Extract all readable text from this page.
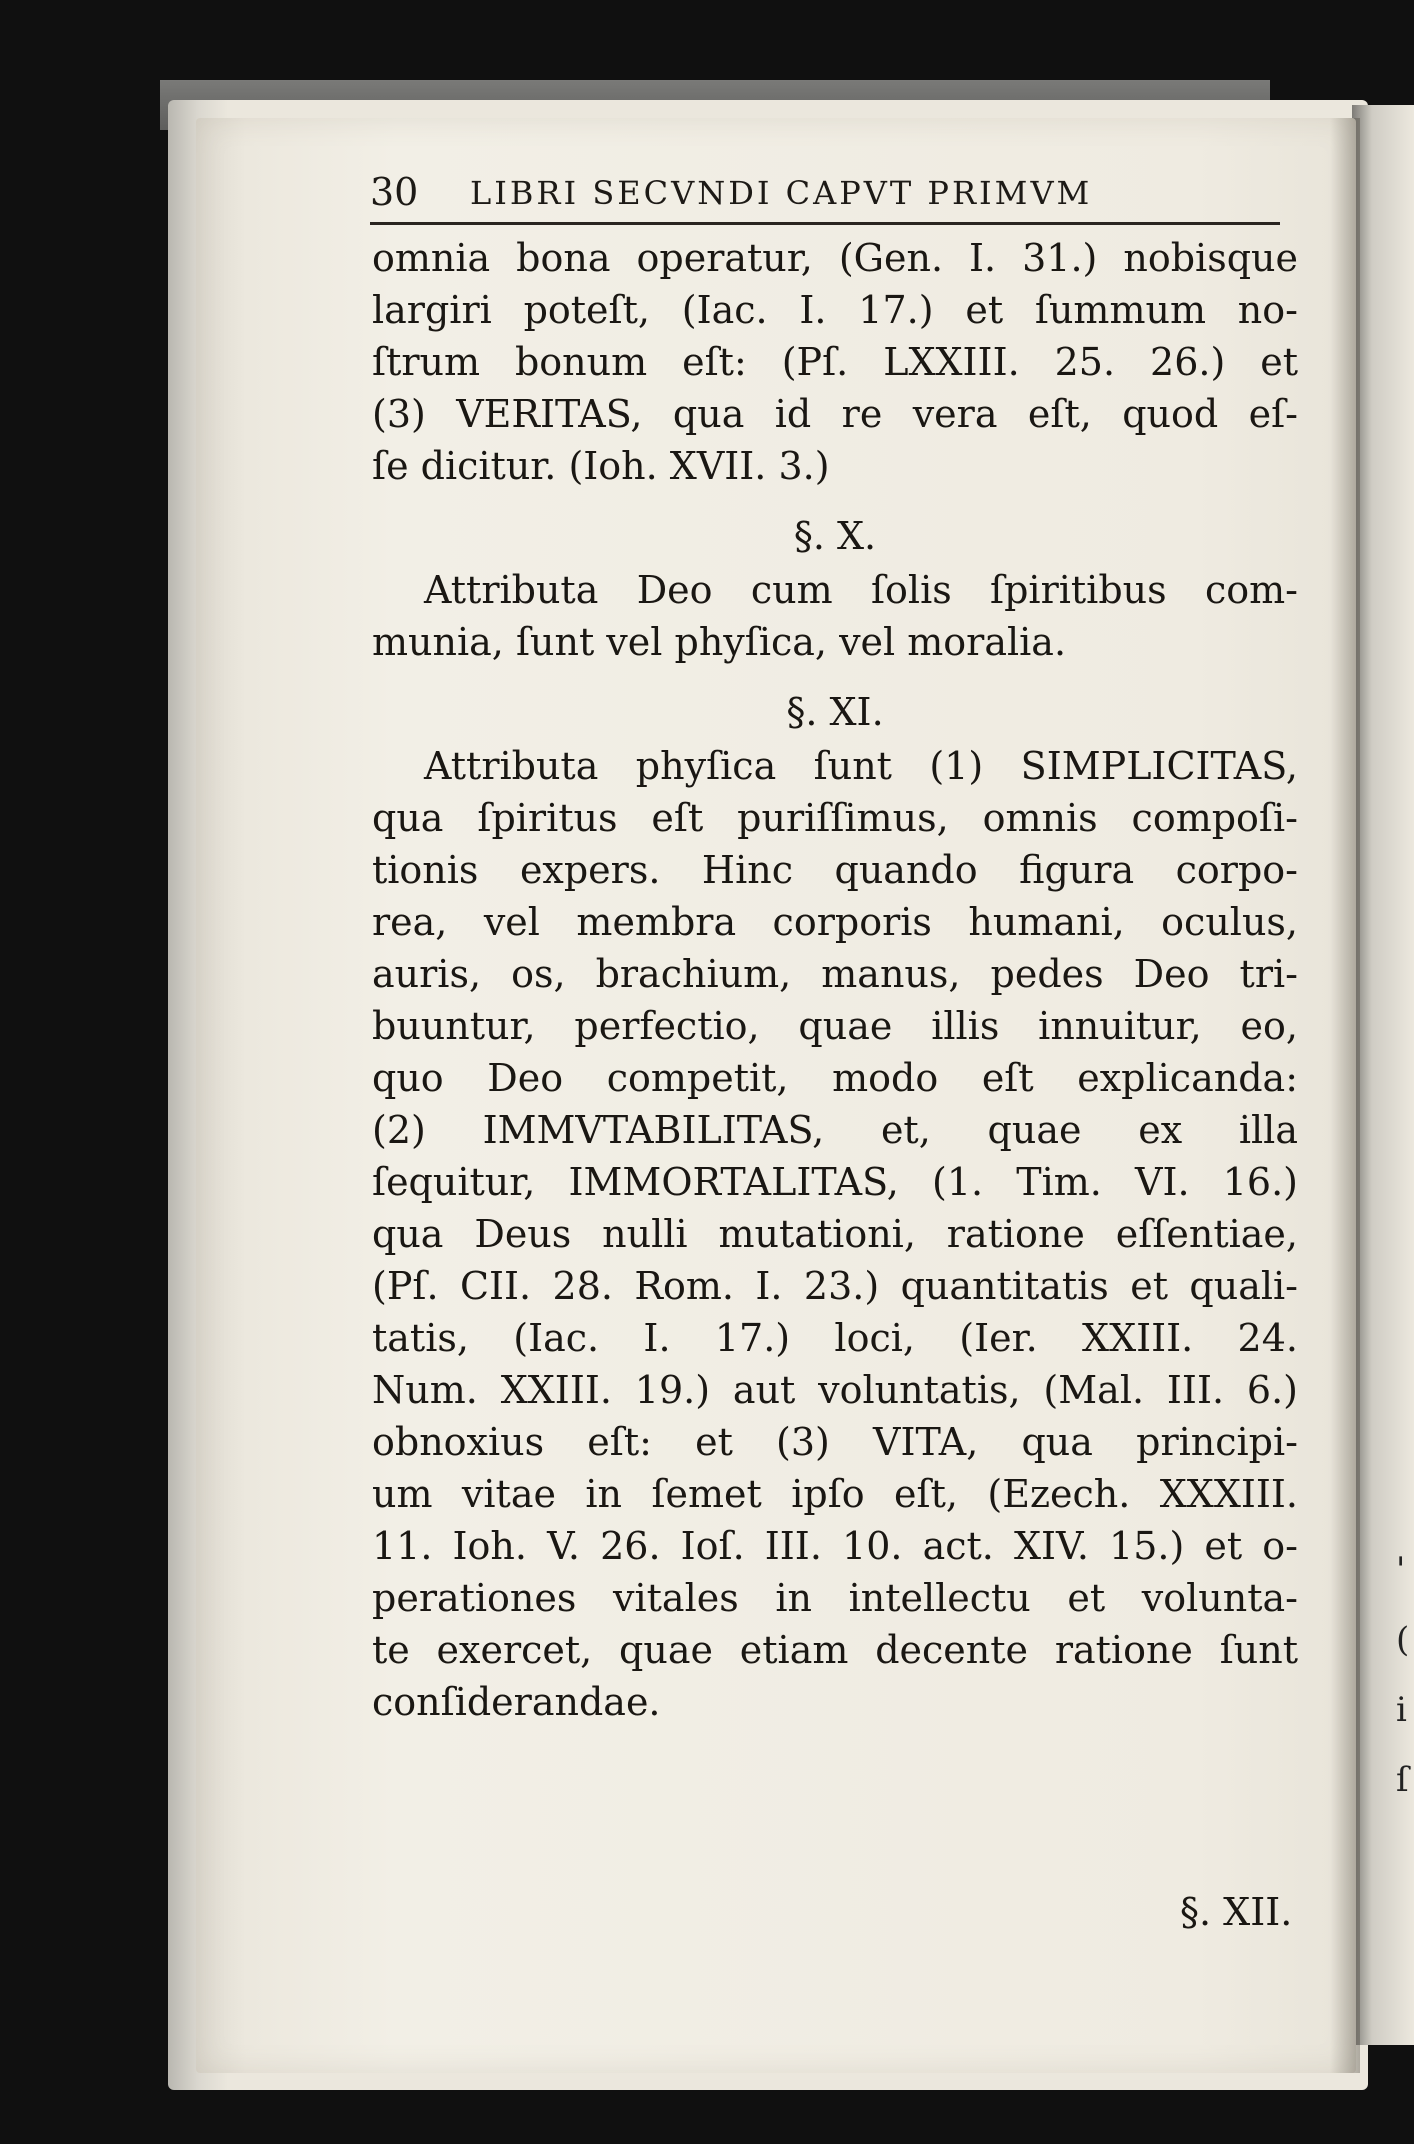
'
(
i
ſ
30 LIBRI SECVNDI CAPVT PRIMVM
omnia bona operatur, (Gen. I. 31.) nobisque
largiri poteſt, (Iac. I. 17.) et ſummum no-
ſtrum bonum eſt: (Pſ. LXXIII. 25. 26.) et
(3) VERITAS, qua id re vera eſt, quod eſ-
ſe dicitur. (Ioh. XVII. 3.)
§. X.
Attributa Deo cum ſolis ſpiritibus com-
munia, ſunt vel phyſica, vel moralia.
§. XI.
Attributa phyſica ſunt (1) SIMPLICITAS,
qua ſpiritus eſt puriſſimus, omnis compoſi-
tionis expers. Hinc quando figura corpo-
rea, vel membra corporis humani, oculus,
auris, os, brachium, manus, pedes Deo tri-
buuntur, perfectio, quae illis innuitur, eo,
quo Deo competit, modo eſt explicanda:
(2) IMMVTABILITAS, et, quae ex illa
ſequitur, IMMORTALITAS, (1. Tim. VI. 16.)
qua Deus nulli mutationi, ratione eſſentiae,
(Pſ. CII. 28. Rom. I. 23.) quantitatis et quali-
tatis, (Iac. I. 17.) loci, (Ier. XXIII. 24.
Num. XXIII. 19.) aut voluntatis, (Mal. III. 6.)
obnoxius eſt: et (3) VITA, qua principi-
um vitae in ſemet ipſo eſt, (Ezech. XXXIII.
11. Ioh. V. 26. Ioſ. III. 10. act. XIV. 15.) et o-
perationes vitales in intellectu et volunta-
te exercet, quae etiam decente ratione ſunt
conſiderandae.
§. XII.
